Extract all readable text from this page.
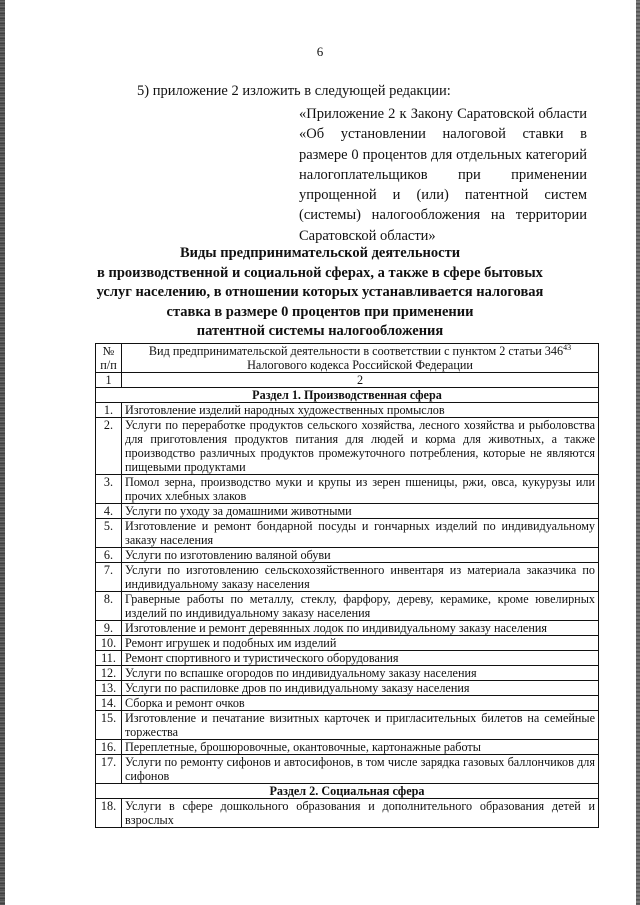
6
5) приложение 2 изложить в следующей редакции:
«Приложение 2 к Закону Саратовской области «Об установлении налоговой ставки в размере 0 процентов для отдельных категорий налогоплательщиков при применении упрощенной и (или) патентной систем (системы) налогообложения на территории Саратовской области»
Виды предпринимательской деятельности
в производственной и социальной сферах, а также в сфере бытовых
услуг населению, в отношении которых устанавливается налоговая
ставка в размере 0 процентов при применении
патентной системы налогообложения
№ п/п	Вид предпринимательской деятельности в соответствии с пунктом 2 статьи $346^{43}$
Налогового кодекса Российской Федерации
1	2
Раздел 1. Производственная сфера	
1.	Изготовление изделий народных художественных промыслов
2.	Услуги по переработке продуктов сельского хозяйства, лесного хозяйства и рыболовства для приготовления продуктов питания для людей и корма для животных, а также производство различных продуктов промежуточного потребления, которые не являются пищевыми продуктами
3.	Помол зерна, производство муки и крупы из зерен пшеницы, ржи, овса, кукурузы или прочих хлебных злаков
4.	Услуги по уходу за домашними животными
5.	Изготовление и ремонт бондарной посуды и гончарных изделий по индивидуальному заказу населения
6.	Услуги по изготовлению валяной обуви
7.	Услуги по изготовлению сельскохозяйственного инвентаря из материала заказчика по индивидуальному заказу населения
8.	Граверные работы по металлу, стеклу, фарфору, дереву, керамике, кроме ювелирных изделий по индивидуальному заказу населения
9.	Изготовление и ремонт деревянных лодок по индивидуальному заказу населения
10.	Ремонт игрушек и подобных им изделий
11.	Ремонт спортивного и туристического оборудования
12.	Услуги по вспашке огородов по индивидуальному заказу населения
13.	Услуги по распиловке дров по индивидуальному заказу населения
14.	Сборка и ремонт очков
15.	Изготовление и печатание визитных карточек и пригласительных билетов на семейные торжества
16.	Переплетные, брошюровочные, окантовочные, картонажные работы
17.	Услуги по ремонту сифонов и автосифонов, в том числе зарядка газовых баллончиков для сифонов
Раздел 2. Социальная сфера	
18.	Услуги в сфере дошкольного образования и дополнительного образования детей и взрослых
